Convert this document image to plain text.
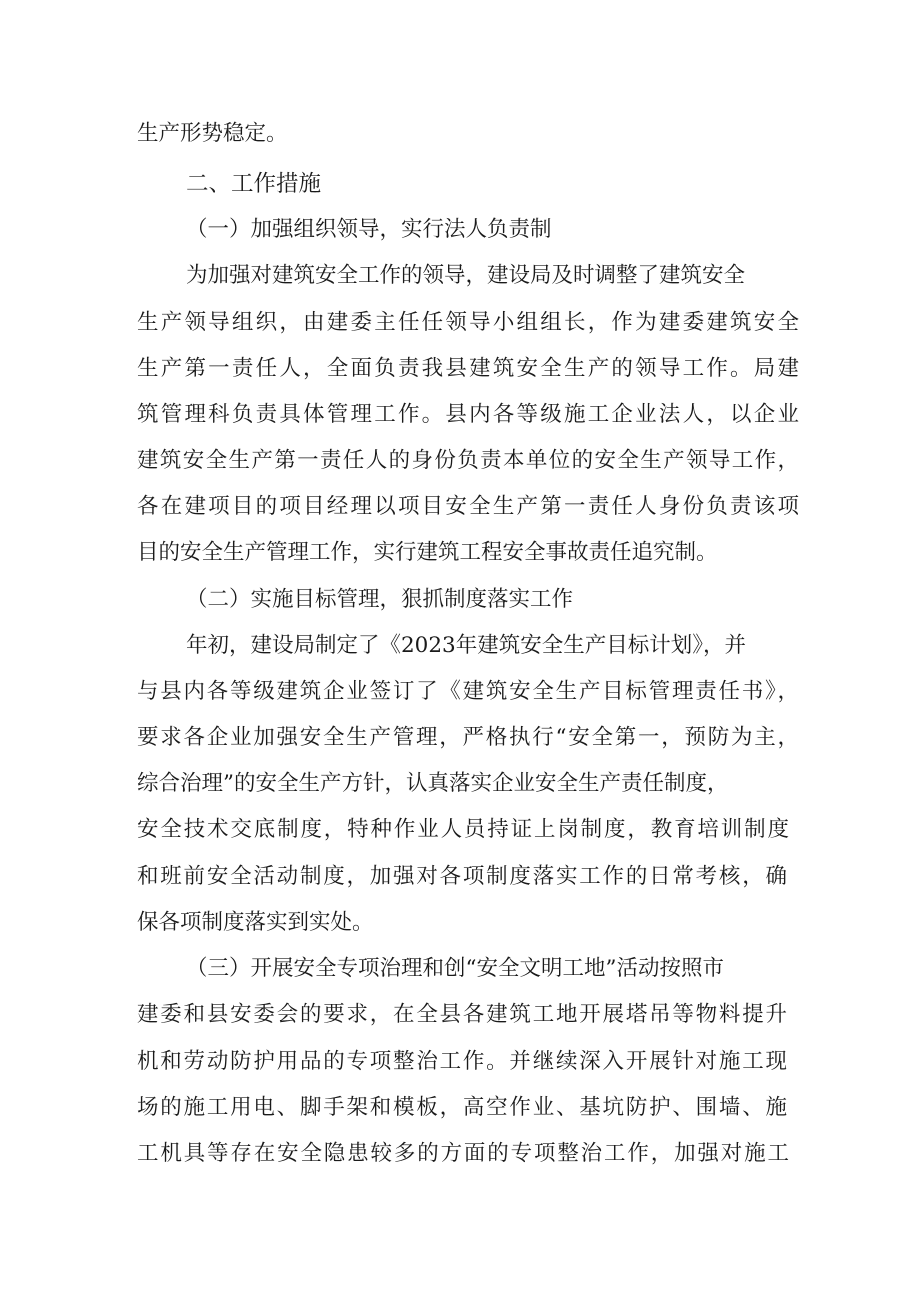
生产形势稳定。
二、工作措施
（一）加强组织领导，实行法人负责制
为加强对建筑安全工作的领导，建设局及时调整了建筑安全
生产领导组织，由建委主任任领导小组组长，作为建委建筑安全
生产第一责任人，全面负责我县建筑安全生产的领导工作。局建
筑管理科负责具体管理工作。县内各等级施工企业法人，以企业
建筑安全生产第一责任人的身份负责本单位的安全生产领导工作，
各在建项目的项目经理以项目安全生产第一责任人身份负责该项
目的安全生产管理工作，实行建筑工程安全事故责任追究制。
（二）实施目标管理，狠抓制度落实工作
年初，建设局制定了《2023年建筑安全生产目标计划》，并
与县内各等级建筑企业签订了《建筑安全生产目标管理责任书》，
要求各企业加强安全生产管理，严格执行“安全第一，预防为主，
综合治理”的安全生产方针，认真落实企业安全生产责任制度，
安全技术交底制度，特种作业人员持证上岗制度，教育培训制度
和班前安全活动制度，加强对各项制度落实工作的日常考核，确
保各项制度落实到实处。
（三）开展安全专项治理和创“安全文明工地”活动按照市
建委和县安委会的要求，在全县各建筑工地开展塔吊等物料提升
机和劳动防护用品的专项整治工作。并继续深入开展针对施工现
场的施工用电、脚手架和模板，高空作业、基坑防护、围墙、施
工机具等存在安全隐患较多的方面的专项整治工作，加强对施工
